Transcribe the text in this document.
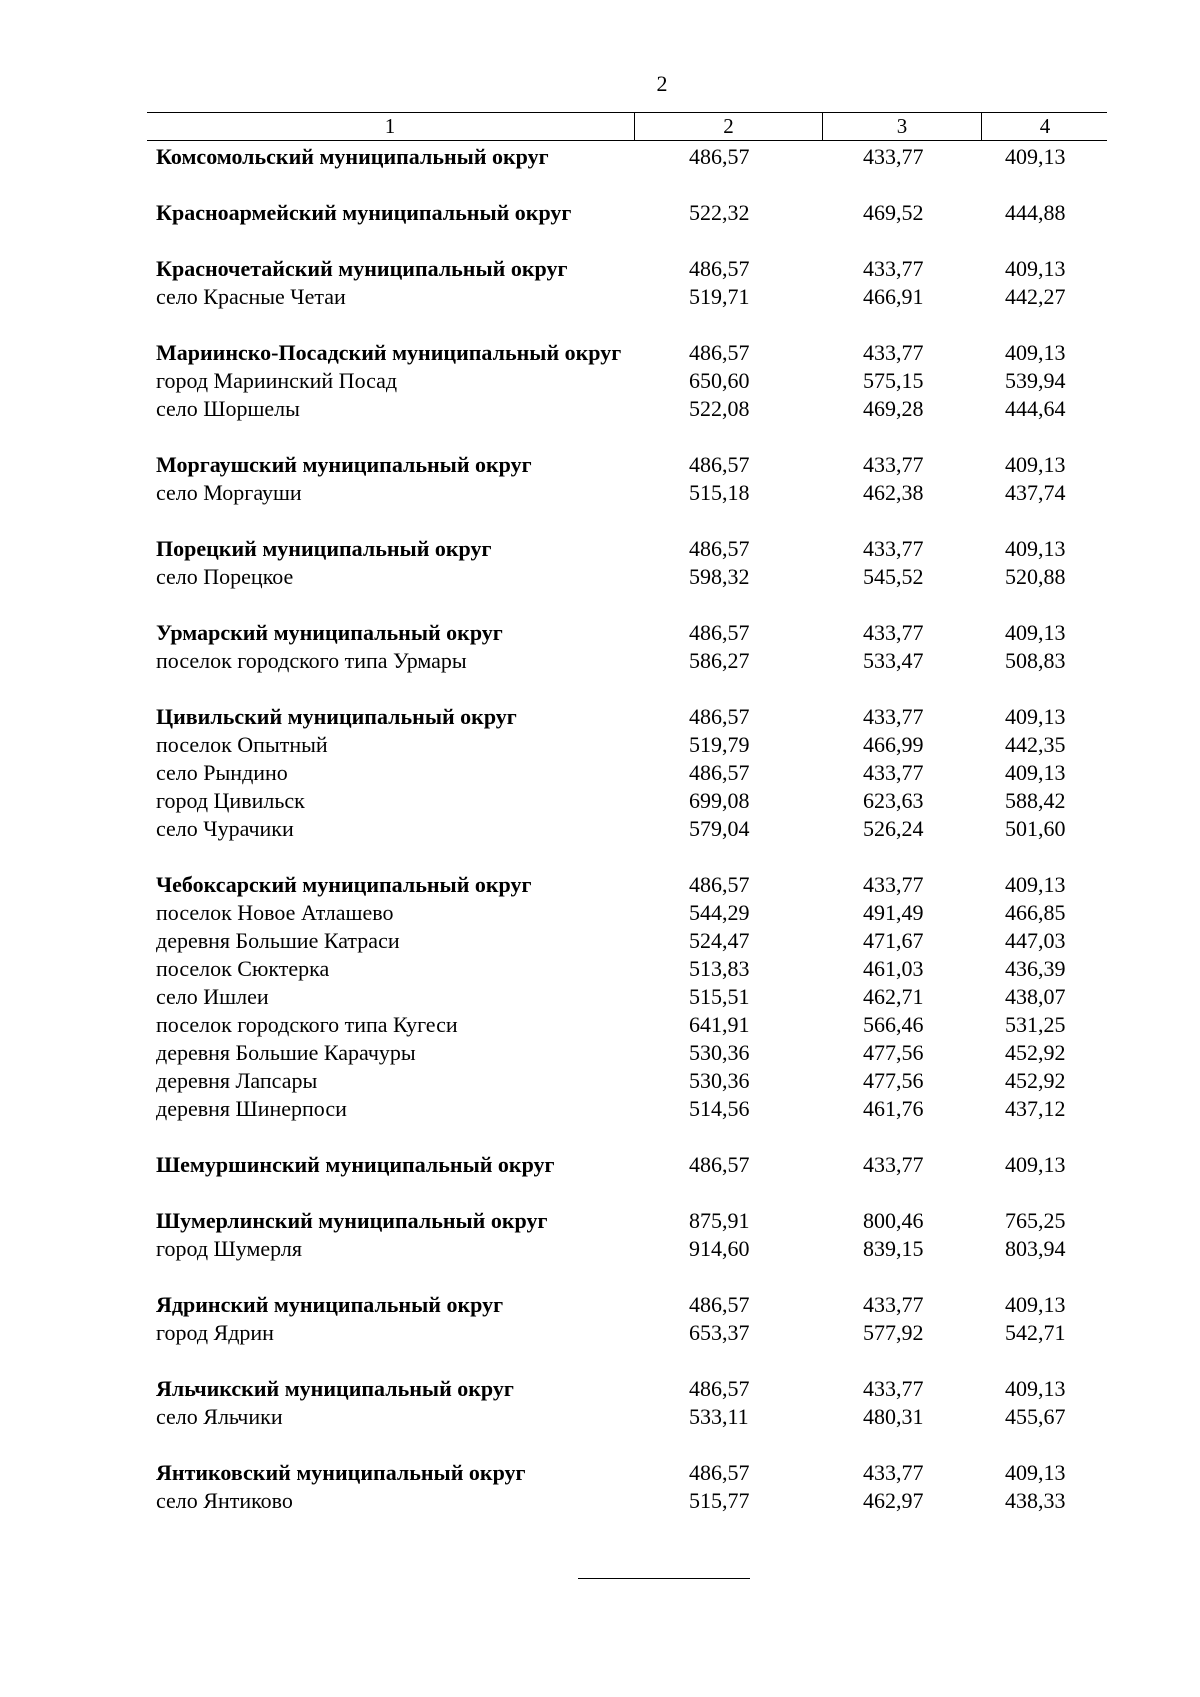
2
1	2	3	4
Комсомольский муниципальный округ	486,57	433,77	409,13
Красноармейский муниципальный округ	522,32	469,52	444,88
Красночетайский муниципальный округ	486,57	433,77	409,13
село Красные Четаи	519,71	466,91	442,27
Мариинско-Посадский муниципальный округ	486,57	433,77	409,13
город Мариинский Посад	650,60	575,15	539,94
село Шоршелы	522,08	469,28	444,64
Моргаушский муниципальный округ	486,57	433,77	409,13
село Моргауши	515,18	462,38	437,74
Порецкий муниципальный округ	486,57	433,77	409,13
село Порецкое	598,32	545,52	520,88
Урмарский муниципальный округ	486,57	433,77	409,13
поселок городского типа Урмары	586,27	533,47	508,83
Цивильский муниципальный округ	486,57	433,77	409,13
поселок Опытный	519,79	466,99	442,35
село Рындино	486,57	433,77	409,13
город Цивильск	699,08	623,63	588,42
село Чурачики	579,04	526,24	501,60
Чебоксарский муниципальный округ	486,57	433,77	409,13
поселок Новое Атлашево	544,29	491,49	466,85
деревня Большие Катраси	524,47	471,67	447,03
поселок Сюктерка	513,83	461,03	436,39
село Ишлеи	515,51	462,71	438,07
поселок городского типа Кугеси	641,91	566,46	531,25
деревня Большие Карачуры	530,36	477,56	452,92
деревня Лапсары	530,36	477,56	452,92
деревня Шинерпоси	514,56	461,76	437,12
Шемуршинский муниципальный округ	486,57	433,77	409,13
Шумерлинский муниципальный округ	875,91	800,46	765,25
город Шумерля	914,60	839,15	803,94
Ядринский муниципальный округ	486,57	433,77	409,13
город Ядрин	653,37	577,92	542,71
Яльчикский муниципальный округ	486,57	433,77	409,13
село Яльчики	533,11	480,31	455,67
Янтиковский муниципальный округ	486,57	433,77	409,13
село Янтиково	515,77	462,97	438,33
